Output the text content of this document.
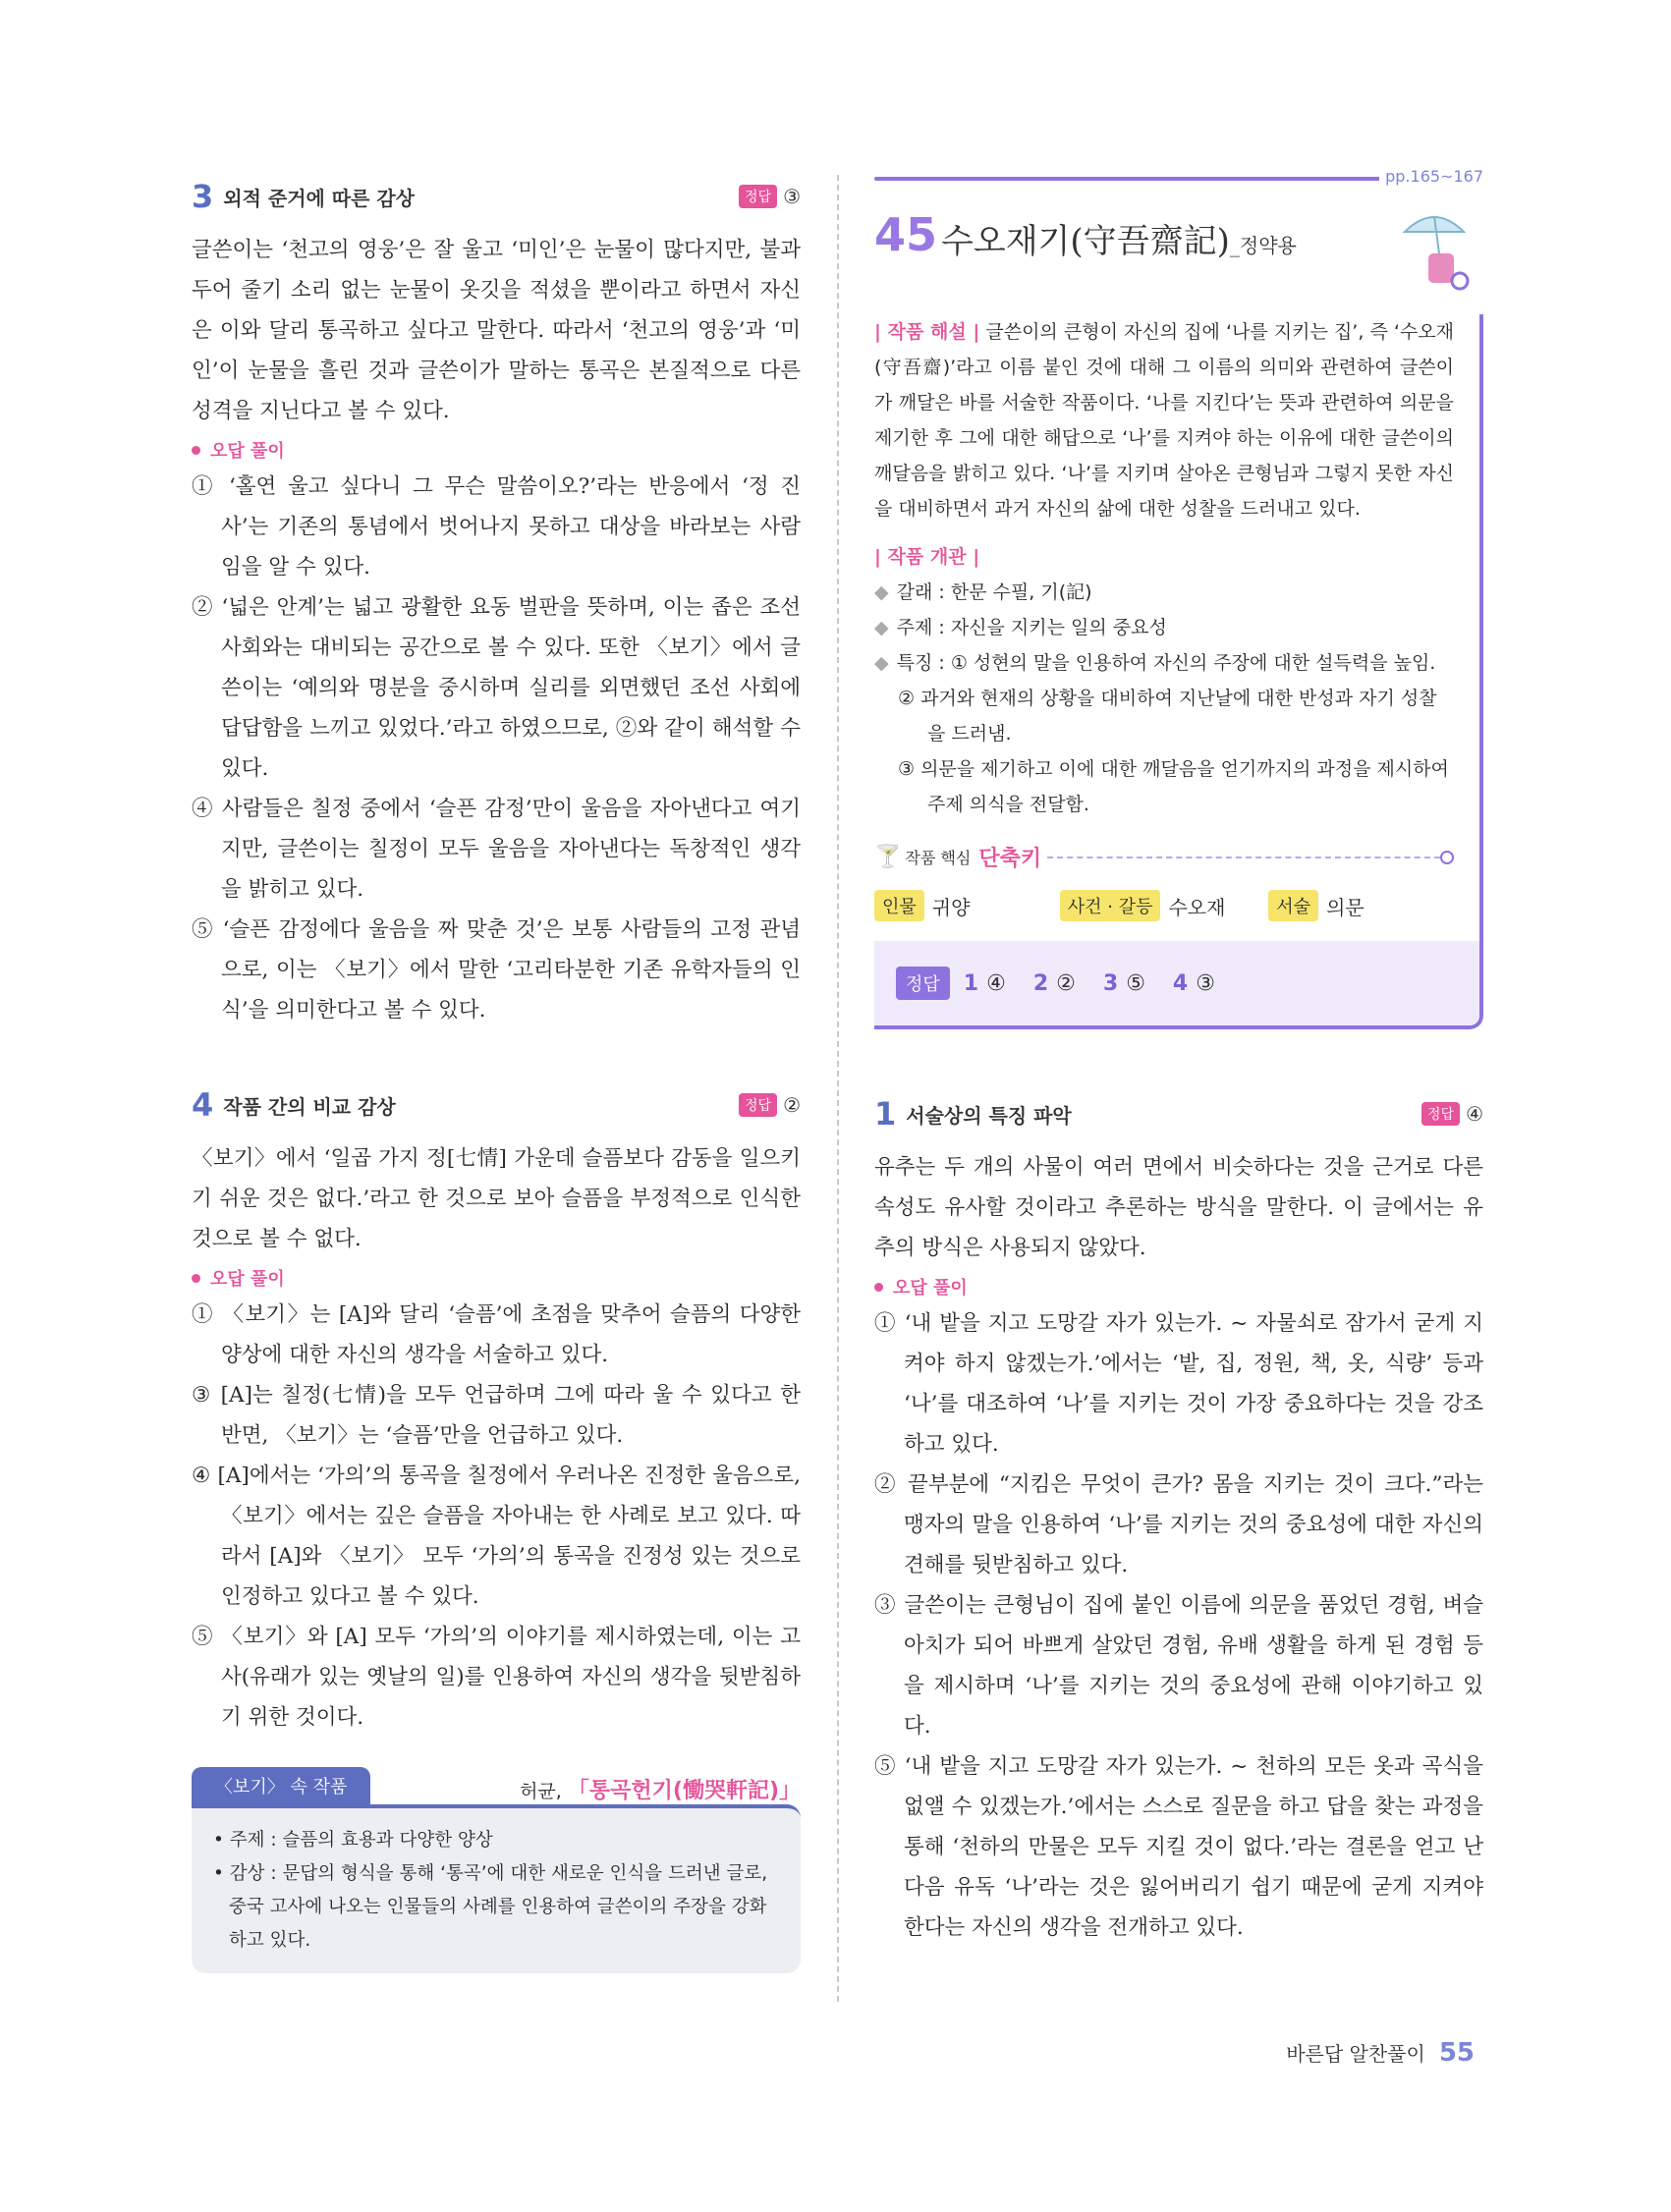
3 외적 준거에 따른 감상	정답 ③

글쓴이는 ‘천고의 영웅’은 잘 울고 ‘미인’은 눈물이 많다지만, 불과 두어 줄기 소리 없는 눈물이 옷깃을 적셨을 뿐이라고 하면서 자신은 이와 달리 통곡하고 싶다고 말한다. 따라서 ‘천고의 영웅’과 ‘미인’이 눈물을 흘린 것과 글쓴이가 말하는 통곡은 본질적으로 다른 성격을 지닌다고 볼 수 있다.

오답 풀이

① ‘홀연 울고 싶다니 그 무슨 말씀이오?’라는 반응에서 ‘정 진사’는 기존의 통념에서 벗어나지 못하고 대상을 바라보는 사람임을 알 수 있다.

② ‘넓은 안계’는 넓고 광활한 요동 벌판을 뜻하며, 이는 좁은 조선 사회와는 대비되는 공간으로 볼 수 있다. 또한 〈보기〉에서 글쓴이는 ‘예의와 명분을 중시하며 실리를 외면했던 조선 사회에 답답함을 느끼고 있었다.’라고 하였으므로, ②와 같이 해석할 수 있다.

④ 사람들은 칠정 중에서 ‘슬픈 감정’만이 울음을 자아낸다고 여기지만, 글쓴이는 칠정이 모두 울음을 자아낸다는 독창적인 생각을 밝히고 있다.

⑤ ‘슬픈 감정에다 울음을 짜 맞춘 것’은 보통 사람들의 고정 관념으로, 이는 〈보기〉에서 말한 ‘고리타분한 기존 유학자들의 인식’을 의미한다고 볼 수 있다.

4 작품 간의 비교 감상	정답 ②

〈보기〉에서 ‘일곱 가지 정[七情] 가운데 슬픔보다 감동을 일으키기 쉬운 것은 없다.’라고 한 것으로 보아 슬픔을 부정적으로 인식한 것으로 볼 수 없다.

오답 풀이

① 〈보기〉는 [A]와 달리 ‘슬픔’에 초점을 맞추어 슬픔의 다양한 양상에 대한 자신의 생각을 서술하고 있다.

③ [A]는 칠정(七情)을 모두 언급하며 그에 따라 울 수 있다고 한 반면, 〈보기〉는 ‘슬픔’만을 언급하고 있다.

④ [A]에서는 ‘가의’의 통곡을 칠정에서 우러나온 진정한 울음으로, 〈보기〉에서는 깊은 슬픔을 자아내는 한 사례로 보고 있다. 따라서 [A]와 〈보기〉 모두 ‘가의’의 통곡을 진정성 있는 것으로 인정하고 있다고 볼 수 있다.

⑤ 〈보기〉와 [A] 모두 ‘가의’의 이야기를 제시하였는데, 이는 고사(유래가 있는 옛날의 일)를 인용하여 자신의 생각을 뒷받침하기 위한 것이다.

〈보기〉 속 작품	허균, 「통곡헌기(慟哭軒記)」
• 주제 : 슬픔의 효용과 다양한 양상
• 감상 : 문답의 형식을 통해 ‘통곡’에 대한 새로운 인식을 드러낸 글로, 중국 고사에 나오는 인물들의 사례를 인용하여 글쓴이의 주장을 강화하고 있다.
pp.165~167
45 수오재기(守吾齋記)_정약용

| 작품 해설 | 글쓴이의 큰형이 자신의 집에 ‘나를 지키는 집’, 즉 ‘수오재(守吾齋)’라고 이름 붙인 것에 대해 그 이름의 의미와 관련하여 글쓴이가 깨달은 바를 서술한 작품이다. ‘나를 지킨다’는 뜻과 관련하여 의문을 제기한 후 그에 대한 해답으로 ‘나’를 지켜야 하는 이유에 대한 글쓴이의 깨달음을 밝히고 있다. ‘나’를 지키며 살아온 큰형님과 그렇지 못한 자신을 대비하면서 과거 자신의 삶에 대한 성찰을 드러내고 있다.

| 작품 개관 |
◆ 갈래 : 한문 수필, 기(記)
◆ 주제 : 자신을 지키는 일의 중요성
◆ 특징 : ① 성현의 말을 인용하여 자신의 주장에 대한 설득력을 높임.
② 과거와 현재의 상황을 대비하여 지난날에 대한 반성과 자기 성찰을 드러냄.
③ 의문을 제기하고 이에 대한 깨달음을 얻기까지의 과정을 제시하여 주제 의식을 전달함.
🍸 작품 핵심 단축키
인물 귀양	사건 · 갈등 수오재	서술 의문
정답	1 ④ 2 ② 3 ⑤ 4 ③
1 서술상의 특징 파악	정답 ④

유추는 두 개의 사물이 여러 면에서 비슷하다는 것을 근거로 다른 속성도 유사할 것이라고 추론하는 방식을 말한다. 이 글에서는 유추의 방식은 사용되지 않았다.

오답 풀이

① ‘내 밭을 지고 도망갈 자가 있는가. ~ 자물쇠로 잠가서 굳게 지켜야 하지 않겠는가.’에서는 ‘밭, 집, 정원, 책, 옷, 식량’ 등과 ‘나’를 대조하여 ‘나’를 지키는 것이 가장 중요하다는 것을 강조하고 있다.

② 끝부분에 “지킴은 무엇이 큰가? 몸을 지키는 것이 크다.”라는 맹자의 말을 인용하여 ‘나’를 지키는 것의 중요성에 대한 자신의 견해를 뒷받침하고 있다.

③ 글쓴이는 큰형님이 집에 붙인 이름에 의문을 품었던 경험, 벼슬아치가 되어 바쁘게 살았던 경험, 유배 생활을 하게 된 경험 등을 제시하며 ‘나’를 지키는 것의 중요성에 관해 이야기하고 있다.

⑤ ‘내 밭을 지고 도망갈 자가 있는가. ~ 천하의 모든 옷과 곡식을 없앨 수 있겠는가.’에서는 스스로 질문을 하고 답을 찾는 과정을 통해 ‘천하의 만물은 모두 지킬 것이 없다.’라는 결론을 얻고 난 다음 유독 ‘나’라는 것은 잃어버리기 쉽기 때문에 굳게 지켜야 한다는 자신의 생각을 전개하고 있다.

바른답 알찬풀이 55
